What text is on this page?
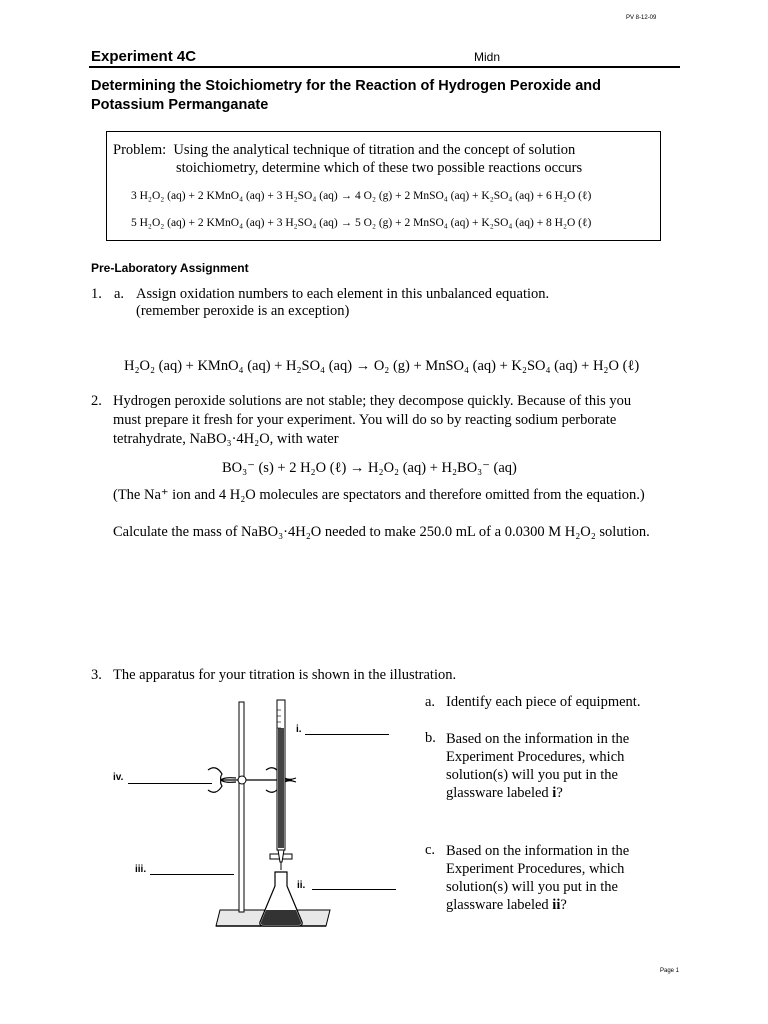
PV 8-12-09
Experiment 4C	Midn
Determining the Stoichiometry for the Reaction of Hydrogen Peroxide and Potassium Permanganate
Problem: Using the analytical technique of titration and the concept of solution
stoichiometry, determine which of these two possible reactions occurs
3 H₂O₂ (aq) + 2 KMnO₄ (aq) + 3 H₂SO₄ (aq) → 4 O₂ (g) + 2 MnSO₄ (aq) + K₂SO₄ (aq) + 6 H₂O (ℓ)
5 H₂O₂ (aq) + 2 KMnO₄ (aq) + 3 H₂SO₄ (aq) → 5 O₂ (g) + 2 MnSO₄ (aq) + K₂SO₄ (aq) + 8 H₂O (ℓ)
Pre-Laboratory Assignment
1. a. Assign oxidation numbers to each element in this unbalanced equation.
(remember peroxide is an exception)
H₂O₂ (aq) + KMnO₄ (aq) + H₂SO₄ (aq) → O₂ (g) + MnSO₄ (aq) + K₂SO₄ (aq) + H₂O (ℓ)
2. Hydrogen peroxide solutions are not stable; they decompose quickly. Because of this you
must prepare it fresh for your experiment. You will do so by reacting sodium perborate
tetrahydrate, NaBO₃·4H₂O, with water
BO₃⁻ (s) + 2 H₂O (ℓ) → H₂O₂ (aq) + H₂BO₃⁻ (aq)
(The Na⁺ ion and 4 H₂O molecules are spectators and therefore omitted from the equation.)
Calculate the mass of NaBO₃·4H₂O needed to make 250.0 mL of a 0.0300 M H₂O₂ solution.
3. The apparatus for your titration is shown in the illustration.
a. Identify each piece of equipment.
b. Based on the information in the
Experiment Procedures, which
solution(s) will you put in the
glassware labeled i?
c. Based on the information in the
Experiment Procedures, which
solution(s) will you put in the
glassware labeled ii?
i.
iv.
iii.
ii.
Page 1
